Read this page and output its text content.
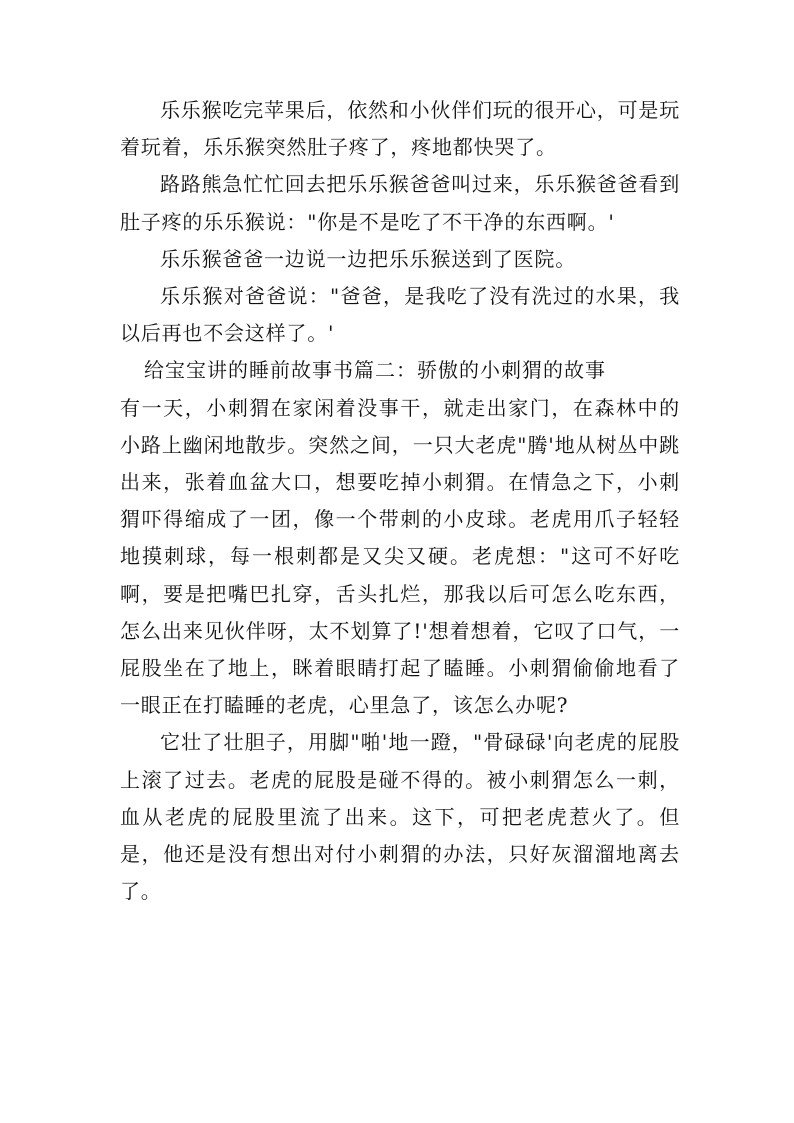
乐乐猴吃完苹果后，依然和小伙伴们玩的很开心，可是玩着玩着，乐乐猴突然肚子疼了，疼地都快哭了。

路路熊急忙忙回去把乐乐猴爸爸叫过来，乐乐猴爸爸看到肚子疼的乐乐猴说："你是不是吃了不干净的东西啊。'

乐乐猴爸爸一边说一边把乐乐猴送到了医院。

乐乐猴对爸爸说："爸爸，是我吃了没有洗过的水果，我以后再也不会这样了。'

给宝宝讲的睡前故事书篇二：骄傲的小刺猬的故事

有一天，小刺猬在家闲着没事干，就走出家门，在森林中的小路上幽闲地散步。突然之间，一只大老虎"腾'地从树丛中跳出来，张着血盆大口，想要吃掉小刺猬。在情急之下，小刺猬吓得缩成了一团，像一个带刺的小皮球。老虎用爪子轻轻地摸刺球，每一根刺都是又尖又硬。老虎想："这可不好吃啊，要是把嘴巴扎穿，舌头扎烂，那我以后可怎么吃东西，怎么出来见伙伴呀，太不划算了!'想着想着，它叹了口气，一屁股坐在了地上，眯着眼睛打起了瞌睡。小刺猬偷偷地看了一眼正在打瞌睡的老虎，心里急了，该怎么办呢?

它壮了壮胆子，用脚"啪'地一蹬，"骨碌碌'向老虎的屁股上滚了过去。老虎的屁股是碰不得的。被小刺猬怎么一刺，血从老虎的屁股里流了出来。这下，可把老虎惹火了。但是，他还是没有想出对付小刺猬的办法，只好灰溜溜地离去了。
